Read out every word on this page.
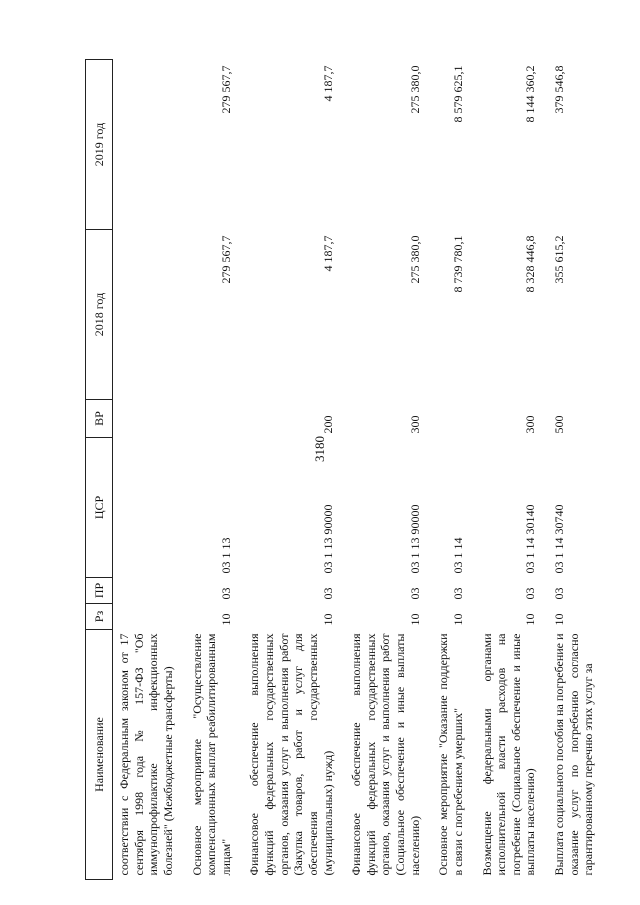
3180
Наименование	Рз	ПР	ЦСР	ВР	2018 год	2019 год
соответствии с Федеральным законом от 17 сентября 1998 года № 157-ФЗ "Об иммунопрофилактике инфекционных болезней" (Межбюджетные трансферты)						
Основное мероприятие "Осуществление компенсационных выплат реабилитированным лицам"	10	03	03 1 13		279 567,7	279 567,7
Финансовое обеспечение выполнения функций федеральных государственных органов, оказания услуг и выполнения работ (Закупка товаров, работ и услуг для обеспечения государственных (муниципальных) нужд)	10	03	03 1 13 90000	200	4 187,7	4 187,7
Финансовое обеспечение выполнения функций федеральных государственных органов, оказания услуг и выполнения работ (Социальное обеспечение и иные выплаты населению)	10	03	03 1 13 90000	300	275 380,0	275 380,0
Основное мероприятие "Оказание поддержки в связи с погребением умерших"	10	03	03 1 14		8 739 780,1	8 579 625,1
Возмещение федеральными органами исполнительной власти расходов на погребение (Социальное обеспечение и иные выплаты населению)	10	03	03 1 14 30140	300	8 328 446,8	8 144 360,2
Выплата социального пособия на погребение и оказание услуг по погребению согласно гарантированному перечню этих услуг за	10	03	03 1 14 30740	500	355 615,2	379 546,8
